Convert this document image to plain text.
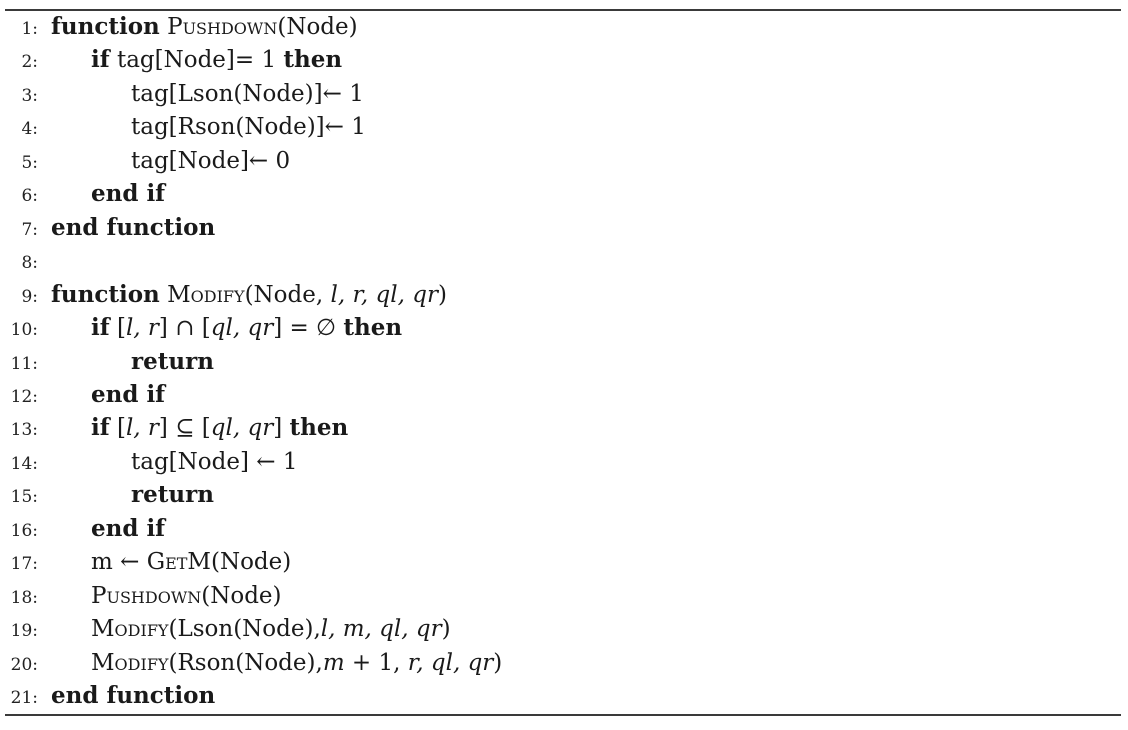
1: function Pushdown(Node)
2: if tag[Node]= 1 then
3:	tag[Lson(Node)]← 1
4:	tag[Rson(Node)]← 1
5:	tag[Node]← 0
6: end if
7: end function
8:
9: function Modify(Node, l, r, ql, qr)
10: if [l, r] ∩ [ql, qr] = ∅ then
11:	return
12: end if
13: if [l, r] ⊆ [ql, qr] then
14:	tag[Node] ← 1
15:	return
16: end if
17: m ← GetM(Node)
18: Pushdown(Node)
19: Modify(Lson(Node),l, m, ql, qr)
20: Modify(Rson(Node),m + 1, r, ql, qr)
21: end function
